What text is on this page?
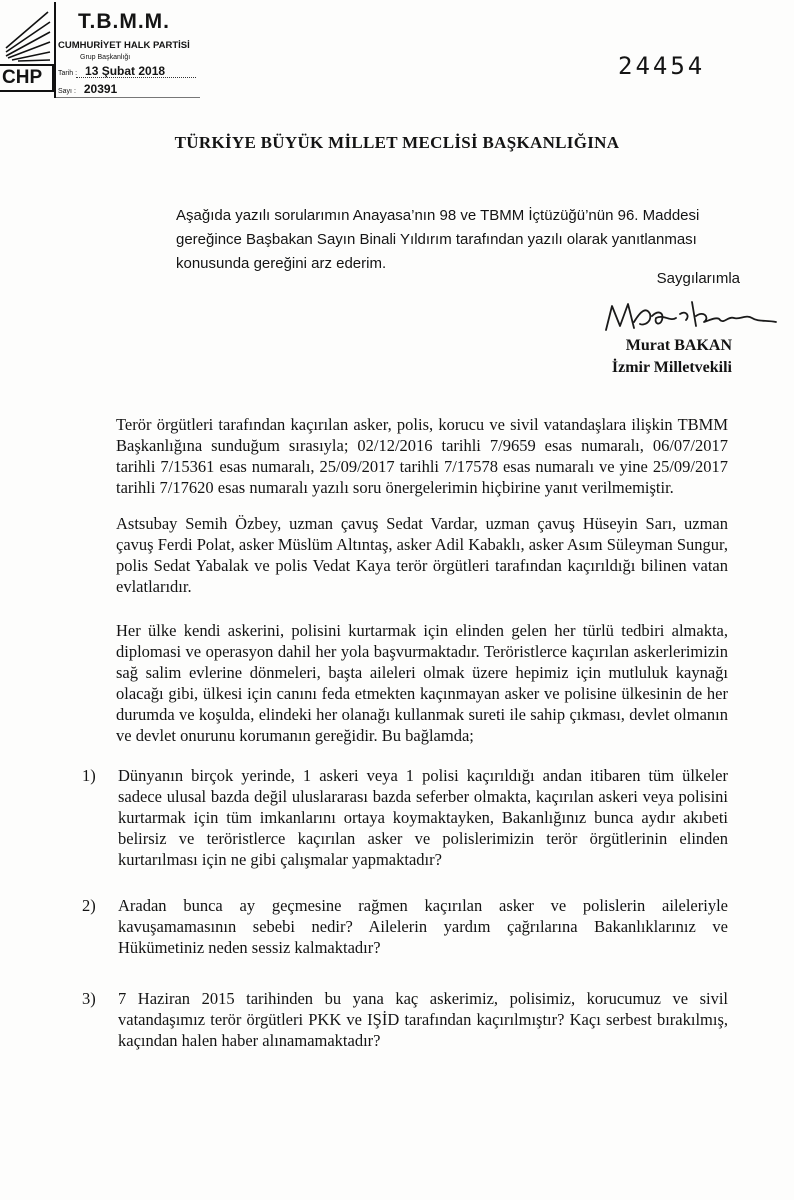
CHP
T.B.M.M.
CUMHURİYET HALK PARTİSİ
Grup Başkanlığı
Tarih : 13 Şubat 2018
Sayı : 20391
24454
TÜRKİYE BÜYÜK MİLLET MECLİSİ BAŞKANLIĞINA
Aşağıda yazılı sorularımın Anayasa’nın 98 ve TBMM İçtüzüğü’nün 96. Maddesi gereğince Başbakan Sayın Binali Yıldırım tarafından yazılı olarak yanıtlanması konusunda gereğini arz ederim.
Saygılarımla
Murat BAKAN
İzmir Milletvekili
Terör örgütleri tarafından kaçırılan asker, polis, korucu ve sivil vatandaşlara ilişkin TBMM Başkanlığına sunduğum sırasıyla; 02/12/2016 tarihli 7/9659 esas numaralı, 06/07/2017 tarihli 7/15361 esas numaralı, 25/09/2017 tarihli 7/17578 esas numaralı ve yine 25/09/2017 tarihli 7/17620 esas numaralı yazılı soru önergelerimin hiçbirine yanıt verilmemiştir.
Astsubay Semih Özbey, uzman çavuş Sedat Vardar, uzman çavuş Hüseyin Sarı, uzman çavuş Ferdi Polat, asker Müslüm Altıntaş, asker Adil Kabaklı, asker Asım Süleyman Sungur, polis Sedat Yabalak ve polis Vedat Kaya terör örgütleri tarafından kaçırıldığı bilinen vatan evlatlarıdır.
Her ülke kendi askerini, polisini kurtarmak için elinden gelen her türlü tedbiri almakta, diplomasi ve operasyon dahil her yola başvurmaktadır. Teröristlerce kaçırılan askerlerimizin sağ salim evlerine dönmeleri, başta aileleri olmak üzere hepimiz için mutluluk kaynağı olacağı gibi, ülkesi için canını feda etmekten kaçınmayan asker ve polisine ülkesinin de her durumda ve koşulda, elindeki her olanağı kullanmak sureti ile sahip çıkması, devlet olmanın ve devlet onurunu korumanın gereğidir. Bu bağlamda;
1)	Dünyanın birçok yerinde, 1 askeri veya 1 polisi kaçırıldığı andan itibaren tüm ülkeler sadece ulusal bazda değil uluslararası bazda seferber olmakta, kaçırılan askeri veya polisini kurtarmak için tüm imkanlarını ortaya koymaktayken, Bakanlığınız bunca aydır akıbeti belirsiz ve teröristlerce kaçırılan asker ve polislerimizin terör örgütlerinin elinden kurtarılması için ne gibi çalışmalar yapmaktadır?
2)	Aradan bunca ay geçmesine rağmen kaçırılan asker ve polislerin aileleriyle kavuşamamasının sebebi nedir? Ailelerin yardım çağrılarına Bakanlıklarınız ve Hükümetiniz neden sessiz kalmaktadır?
3)	7 Haziran 2015 tarihinden bu yana kaç askerimiz, polisimiz, korucumuz ve sivil vatandaşımız terör örgütleri PKK ve IŞİD tarafından kaçırılmıştır? Kaçı serbest bırakılmış, kaçından halen haber alınamamaktadır?
